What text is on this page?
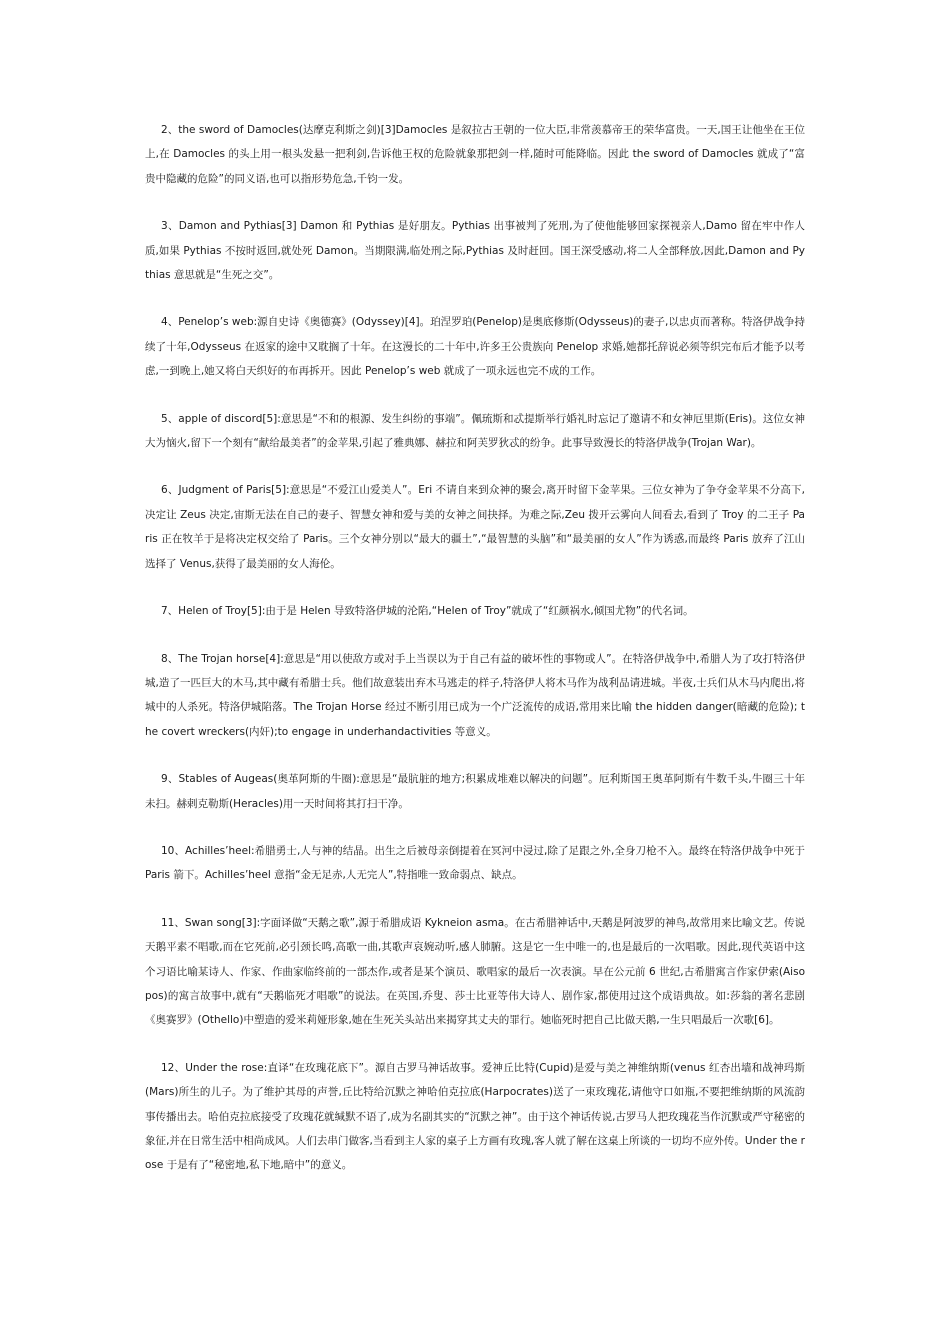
2、the sword of Damocles(达摩克利斯之剑)[3]Damocles 是叙拉古王朝的一位大臣,非常羡慕帝王的荣华富贵。一天,国王让他坐在王位上,在 Damocles 的头上用一根头发悬一把利剑,告诉他王权的危险就象那把剑一样,随时可能降临。因此 the sword of Damocles 就成了“富贵中隐藏的危险”的同义语,也可以指形势危急,千钧一发。

3、Damon and Pythias[3] Damon 和 Pythias 是好朋友。Pythias 出事被判了死刑,为了使他能够回家探视亲人,Damo 留在牢中作人质,如果 Pythias 不按时返回,就处死 Damon。当期限满,临处刑之际,Pythias 及时赶回。国王深受感动,将二人全部释放,因此,Damon and Pythias 意思就是“生死之交”。

4、Penelop’s web:源自史诗《奥德赛》(Odyssey)[4]。珀涅罗珀(Penelop)是奥底修斯(Odysseus)的妻子,以忠贞而著称。特洛伊战争持续了十年,Odysseus 在返家的途中又耽搁了十年。在这漫长的二十年中,许多王公贵族向 Penelop 求婚,她都托辞说必须等织完布后才能予以考虑,一到晚上,她又将白天织好的布再拆开。因此 Penelop’s web 就成了一项永远也完不成的工作。

5、apple of discord[5]:意思是“不和的根源、发生纠纷的事端”。佩琉斯和忒提斯举行婚礼时忘记了邀请不和女神厄里斯(Eris)。这位女神大为恼火,留下一个刻有“献给最美者”的金苹果,引起了雅典娜、赫拉和阿芙罗狄忒的纷争。此事导致漫长的特洛伊战争(Trojan War)。

6、Judgment of Paris[5]:意思是“不爱江山爱美人”。Eri 不请自来到众神的聚会,离开时留下金苹果。三位女神为了争夺金苹果不分高下,决定让 Zeus 决定,宙斯无法在自己的妻子、智慧女神和爱与美的女神之间抉择。为难之际,Zeu 拨开云雾向人间看去,看到了 Troy 的二王子 Paris 正在牧羊于是将决定权交给了 Paris。三个女神分别以“最大的疆土”,“最智慧的头脑”和“最美丽的女人”作为诱惑,而最终 Paris 放弃了江山选择了 Venus,获得了最美丽的女人海伦。

7、Helen of Troy[5]:由于是 Helen 导致特洛伊城的沦陷,“Helen of Troy”就成了“红颜祸水,倾国尤物”的代名词。

8、The Trojan horse[4]:意思是“用以使敌方或对手上当误以为于自己有益的破坏性的事物或人”。在特洛伊战争中,希腊人为了攻打特洛伊城,造了一匹巨大的木马,其中藏有希腊士兵。他们故意装出弃木马逃走的样子,特洛伊人将木马作为战利品请进城。半夜,士兵们从木马内爬出,将城中的人杀死。特洛伊城陷落。The Trojan Horse 经过不断引用已成为一个广泛流传的成语,常用来比喻 the hidden danger(暗藏的危险); the covert wreckers(内奸);to engage in underhandactivities 等意义。

9、Stables of Augeas(奥革阿斯的牛圈):意思是“最肮脏的地方;积累成堆难以解决的问题”。厄利斯国王奥革阿斯有牛数千头,牛圈三十年未扫。赫剌克勒斯(Heracles)用一天时间将其打扫干净。

10、Achilles’heel:希腊勇士,人与神的结晶。出生之后被母亲倒提着在冥河中浸过,除了足跟之外,全身刀枪不入。最终在特洛伊战争中死于 Paris 箭下。Achilles’heel 意指“金无足赤,人无完人”,特指唯一致命弱点、缺点。

11、Swan song[3]:字面译做“天鹅之歌”,源于希腊成语 Kykneion asma。在古希腊神话中,天鹅是阿波罗的神鸟,故常用来比喻文艺。传说天鹅平素不唱歌,而在它死前,必引颈长鸣,高歌一曲,其歌声哀婉动听,感人肺腑。这是它一生中唯一的,也是最后的一次唱歌。因此,现代英语中这个习语比喻某诗人、作家、作曲家临终前的一部杰作,或者是某个演员、歌唱家的最后一次表演。早在公元前 6 世纪,古希腊寓言作家伊索(Aisopos)的寓言故事中,就有“天鹅临死才唱歌”的说法。在英国,乔叟、莎士比亚等伟大诗人、剧作家,都使用过这个成语典故。如:莎翁的著名悲剧《奥赛罗》(Othello)中塑造的爱米莉娅形象,她在生死关头站出来揭穿其丈夫的罪行。她临死时把自己比做天鹅,一生只唱最后一次歌[6]。

12、Under the rose:直译“在玫瑰花底下”。源自古罗马神话故事。爱神丘比特(Cupid)是爱与美之神维纳斯(venus 红杏出墙和战神玛斯(Mars)所生的儿子。为了维护其母的声誉,丘比特给沉默之神哈伯克拉底(Harpocrates)送了一束玫瑰花,请他守口如瓶,不要把维纳斯的风流韵事传播出去。哈伯克拉底接受了玫瑰花就缄默不语了,成为名副其实的“沉默之神”。由于这个神话传说,古罗马人把玫瑰花当作沉默或严守秘密的象征,并在日常生活中相尚成风。人们去串门做客,当看到主人家的桌子上方画有玫瑰,客人就了解在这桌上所谈的一切均不应外传。Under the rose 于是有了“秘密地,私下地,暗中”的意义。
